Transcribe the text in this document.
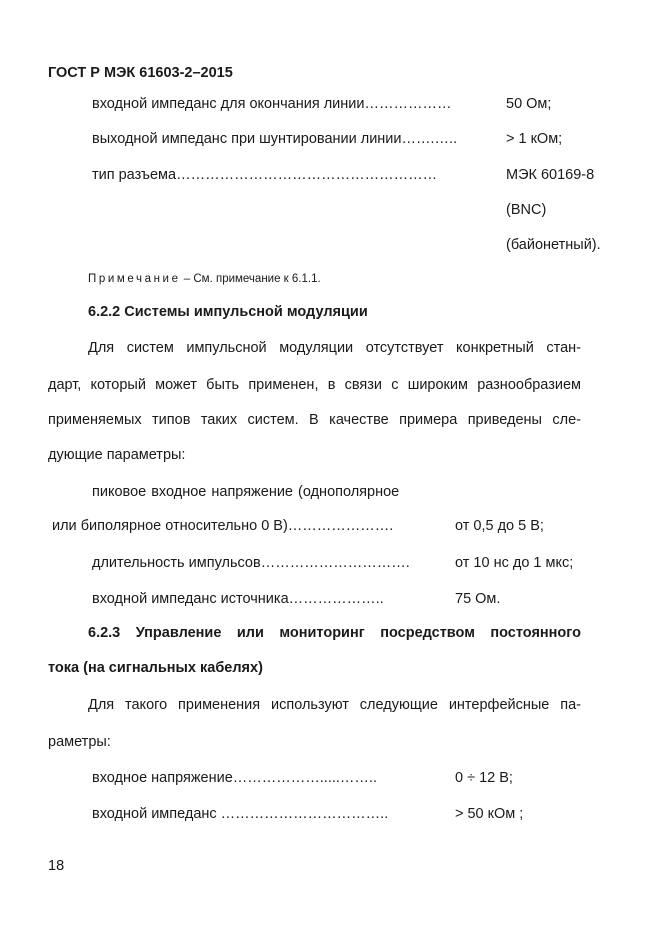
ГОСТ Р МЭК 61603-2–2015
входной импеданс для окончания линии………………	50 Ом;
выходной импеданс при шунтировании линии…….…..	> 1 кОм;
тип разъема………………………………………………	МЭК 60169-8
(BNC)
(байонетный).
Примечание – См. примечание к 6.1.1.
6.2.2 Системы импульсной модуляции
Для систем импульсной модуляции отсутствует конкретный стан-
дарт, который может быть применен, в связи с широким разнообразием
применяемых типов таких систем. В качестве примера приведены сле-
дующие параметры:
пиковое входное напряжение (однополярное
или биполярное относительно 0 В)………………….	от 0,5 до 5 В;
длительность импульсов………………………….	от 10 нс до 1 мкс;
входной импеданс источника………………..	75 Ом.
6.2.3 Управление или мониторинг посредством постоянного
тока (на сигнальных кабелях)
Для такого применения используют следующие интерфейсные па-
раметры:
входное напряжение……………….....……..	0 ÷ 12 В;
входной импеданс ……………………………..	> 50 кОм ;
18
